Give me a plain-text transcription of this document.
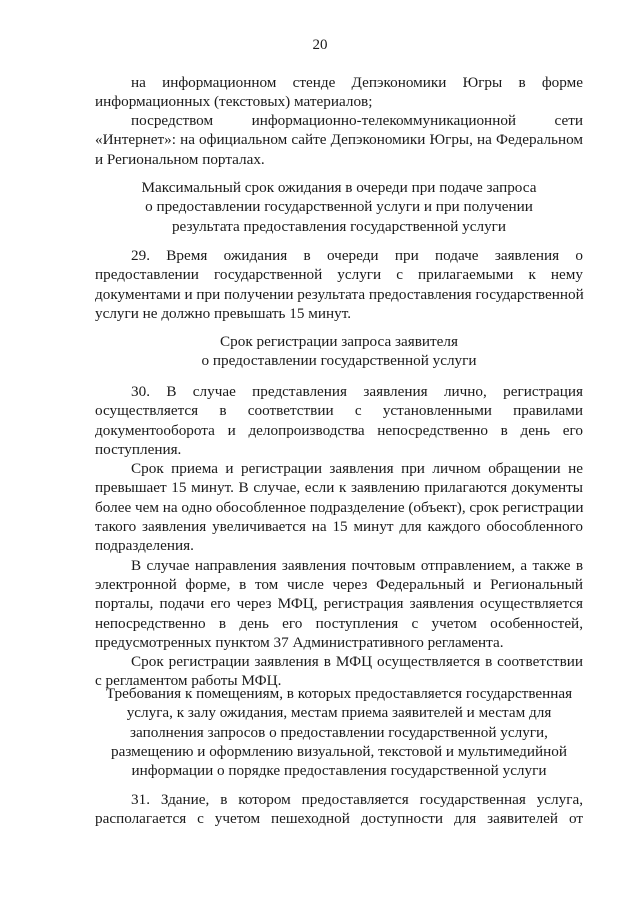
20
на информационном стенде Депэкономики Югры в форме
информационных (текстовых) материалов;
посредством информационно-телекоммуникационной сети
«Интернет»: на официальном сайте Депэкономики Югры, на Федеральном
и Региональном порталах.
Максимальный срок ожидания в очереди при подаче запроса
о предоставлении государственной услуги и при получении
результата предоставления государственной услуги
29. Время ожидания в очереди при подаче заявления о
предоставлении государственной услуги с прилагаемыми к нему
документами и при получении результата предоставления государственной
услуги не должно превышать 15 минут.
Срок регистрации запроса заявителя
о предоставлении государственной услуги
30. В случае представления заявления лично, регистрация
осуществляется в соответствии с установленными правилами
документооборота и делопроизводства непосредственно в день его
поступления.
Срок приема и регистрации заявления при личном обращении не
превышает 15 минут. В случае, если к заявлению прилагаются документы
более чем на одно обособленное подразделение (объект), срок регистрации
такого заявления увеличивается на 15 минут для каждого обособленного
подразделения.
В случае направления заявления почтовым отправлением, а также в
электронной форме, в том числе через Федеральный и Региональный
порталы, подачи его через МФЦ, регистрация заявления осуществляется
непосредственно в день его поступления с учетом особенностей,
предусмотренных пунктом 37 Административного регламента.
Срок регистрации заявления в МФЦ осуществляется в соответствии
с регламентом работы МФЦ.
Требования к помещениям, в которых предоставляется государственная
услуга, к залу ожидания, местам приема заявителей и местам для
заполнения запросов о предоставлении государственной услуги,
размещению и оформлению визуальной, текстовой и мультимедийной
информации о порядке предоставления государственной услуги
31. Здание, в котором предоставляется государственная услуга,
располагается с учетом пешеходной доступности для заявителей от
